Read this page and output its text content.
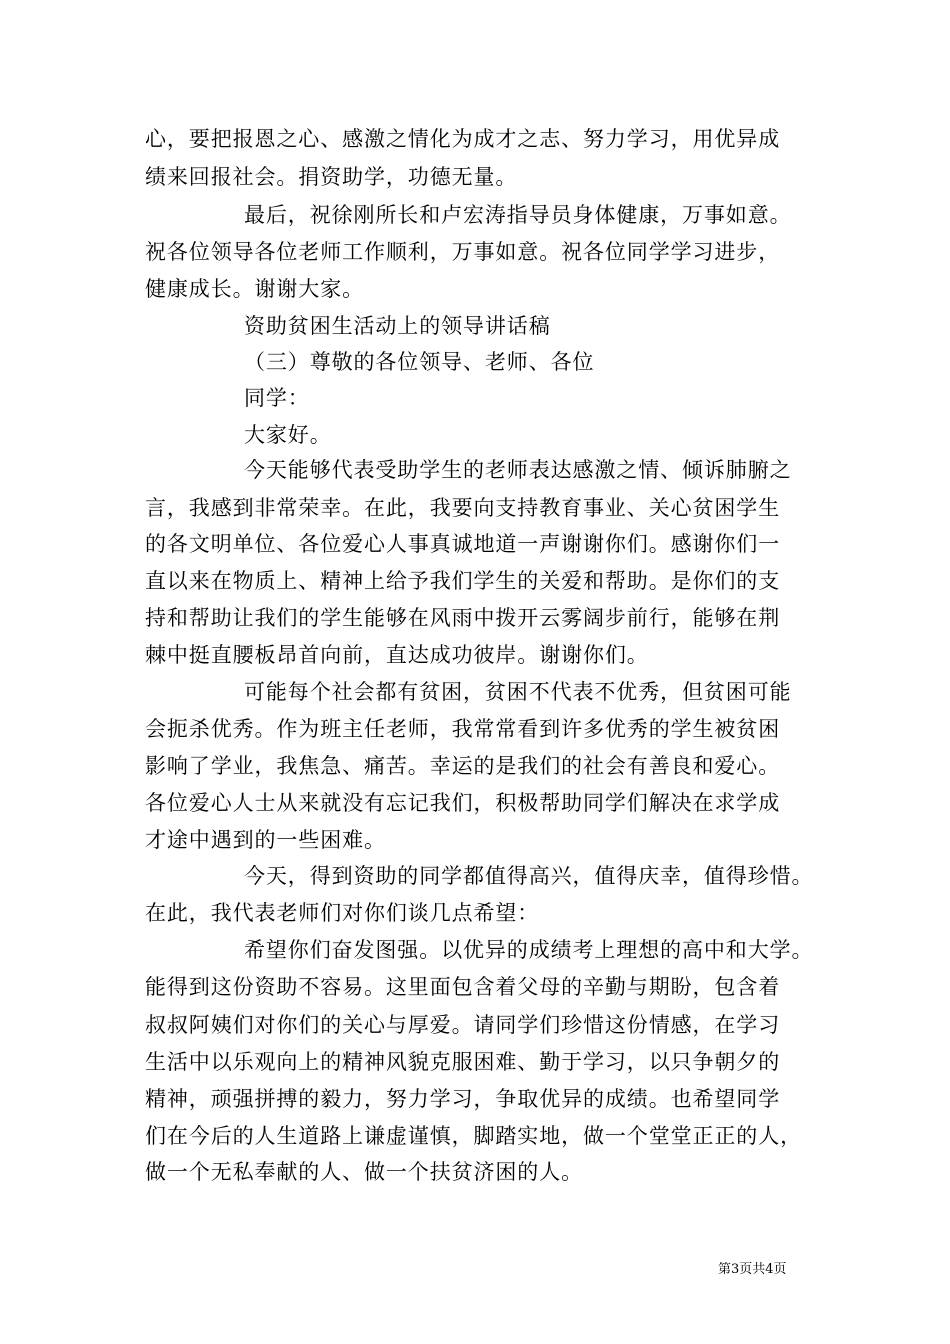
心，要把报恩之心、感激之情化为成才之志、努力学习，用优异成
绩来回报社会。捐资助学，功德无量。
最后，祝徐刚所长和卢宏涛指导员身体健康，万事如意。
祝各位领导各位老师工作顺利，万事如意。祝各位同学学习进步，
健康成长。谢谢大家。
资助贫困生活动上的领导讲话稿
（三）尊敬的各位领导、老师、各位
同学：
大家好。
今天能够代表受助学生的老师表达感激之情、倾诉肺腑之
言，我感到非常荣幸。在此，我要向支持教育事业、关心贫困学生
的各文明单位、各位爱心人事真诚地道一声谢谢你们。感谢你们一
直以来在物质上、精神上给予我们学生的关爱和帮助。是你们的支
持和帮助让我们的学生能够在风雨中拨开云雾阔步前行，能够在荆
棘中挺直腰板昂首向前，直达成功彼岸。谢谢你们。
可能每个社会都有贫困，贫困不代表不优秀，但贫困可能
会扼杀优秀。作为班主任老师，我常常看到许多优秀的学生被贫困
影响了学业，我焦急、痛苦。幸运的是我们的社会有善良和爱心。
各位爱心人士从来就没有忘记我们，积极帮助同学们解决在求学成
才途中遇到的一些困难。
今天，得到资助的同学都值得高兴，值得庆幸，值得珍惜。
在此，我代表老师们对你们谈几点希望：
希望你们奋发图强。以优异的成绩考上理想的高中和大学。
能得到这份资助不容易。这里面包含着父母的辛勤与期盼，包含着
叔叔阿姨们对你们的关心与厚爱。请同学们珍惜这份情感，在学习
生活中以乐观向上的精神风貌克服困难、勤于学习，以只争朝夕的
精神，顽强拼搏的毅力，努力学习，争取优异的成绩。也希望同学
们在今后的人生道路上谦虚谨慎，脚踏实地，做一个堂堂正正的人，
做一个无私奉献的人、做一个扶贫济困的人。
第3页共4页
